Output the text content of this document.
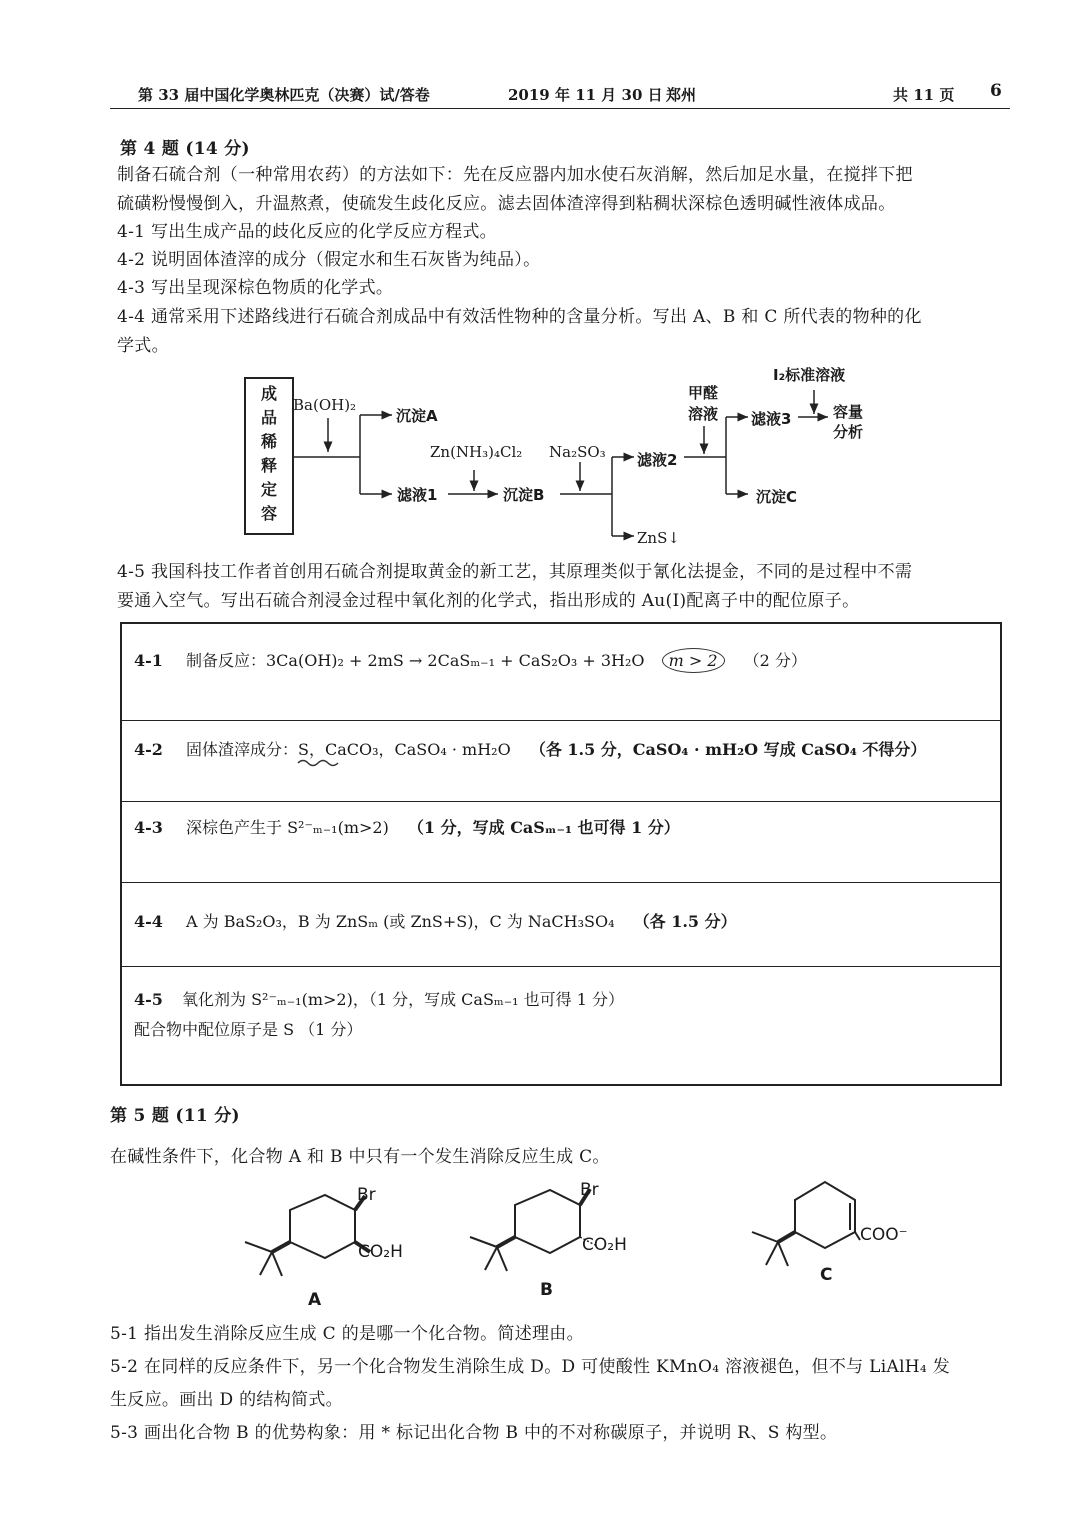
第 33 届中国化学奥林匹克（决赛）试/答卷	2019 年 11 月 30 日 郑州	共 11 页 6
第 4 题 (14 分)
制备石硫合剂（一种常用农药）的方法如下：先在反应器内加水使石灰消解，然后加足水量，在搅拌下把
硫磺粉慢慢倒入，升温熬煮，使硫发生歧化反应。滤去固体渣滓得到粘稠状深棕色透明碱性液体成品。
4-1 写出生成产品的歧化反应的化学反应方程式。
4-2 说明固体渣滓的成分（假定水和生石灰皆为纯品）。
4-3 写出呈现深棕色物质的化学式。
4-4 通常采用下述路线进行石硫合剂成品中有效活性物种的含量分析。写出 A、B 和 C 所代表的物种的化
学式。
成
品
稀
释
定
容
Ba(OH)₂
沉淀A
Zn(NH₃)₄Cl₂
滤液1	沉淀B
Na₂SO₃ 滤液2
ZnS↓
甲醛
溶液 滤液3
沉淀C
I₂标准溶液
容量
分析
4-5 我国科技工作者首创用石硫合剂提取黄金的新工艺，其原理类似于氰化法提金，不同的是过程中不需
要通入空气。写出石硫合剂浸金过程中氧化剂的化学式，指出形成的 Au(I)配离子中的配位原子。
4-1 制备反应：3Ca(OH)₂ + 2mS → 2CaSₘ₋₁ + CaS₂O₃ + 3H₂O m > 2 （2 分）
4-2 固体渣滓成分：S，CaCO₃，CaSO₄ · mH₂O （各 1.5 分，CaSO₄ · mH₂O 写成 CaSO₄ 不得分）
4-3 深棕色产生于 S²⁻ₘ₋₁(m>2) （1 分，写成 CaSₘ₋₁ 也可得 1 分）
4-4 A 为 BaS₂O₃，B 为 ZnSₘ (或 ZnS+S)，C 为 NaCH₃SO₄ （各 1.5 分）
4-5 氧化剂为 S²⁻ₘ₋₁(m>2)，（1 分，写成 CaSₘ₋₁ 也可得 1 分）
配合物中配位原子是 S （1 分）
第 5 题 (11 分)
在碱性条件下，化合物 A 和 B 中只有一个发生消除反应生成 C。
Br
CO₂H
A
Br
CO₂H
B
COO⁻
C
5-1 指出发生消除反应生成 C 的是哪一个化合物。简述理由。
5-2 在同样的反应条件下，另一个化合物发生消除生成 D。D 可使酸性 KMnO₄ 溶液褪色，但不与 LiAlH₄ 发
生反应。画出 D 的结构简式。
5-3 画出化合物 B 的优势构象：用 * 标记出化合物 B 中的不对称碳原子，并说明 R、S 构型。
